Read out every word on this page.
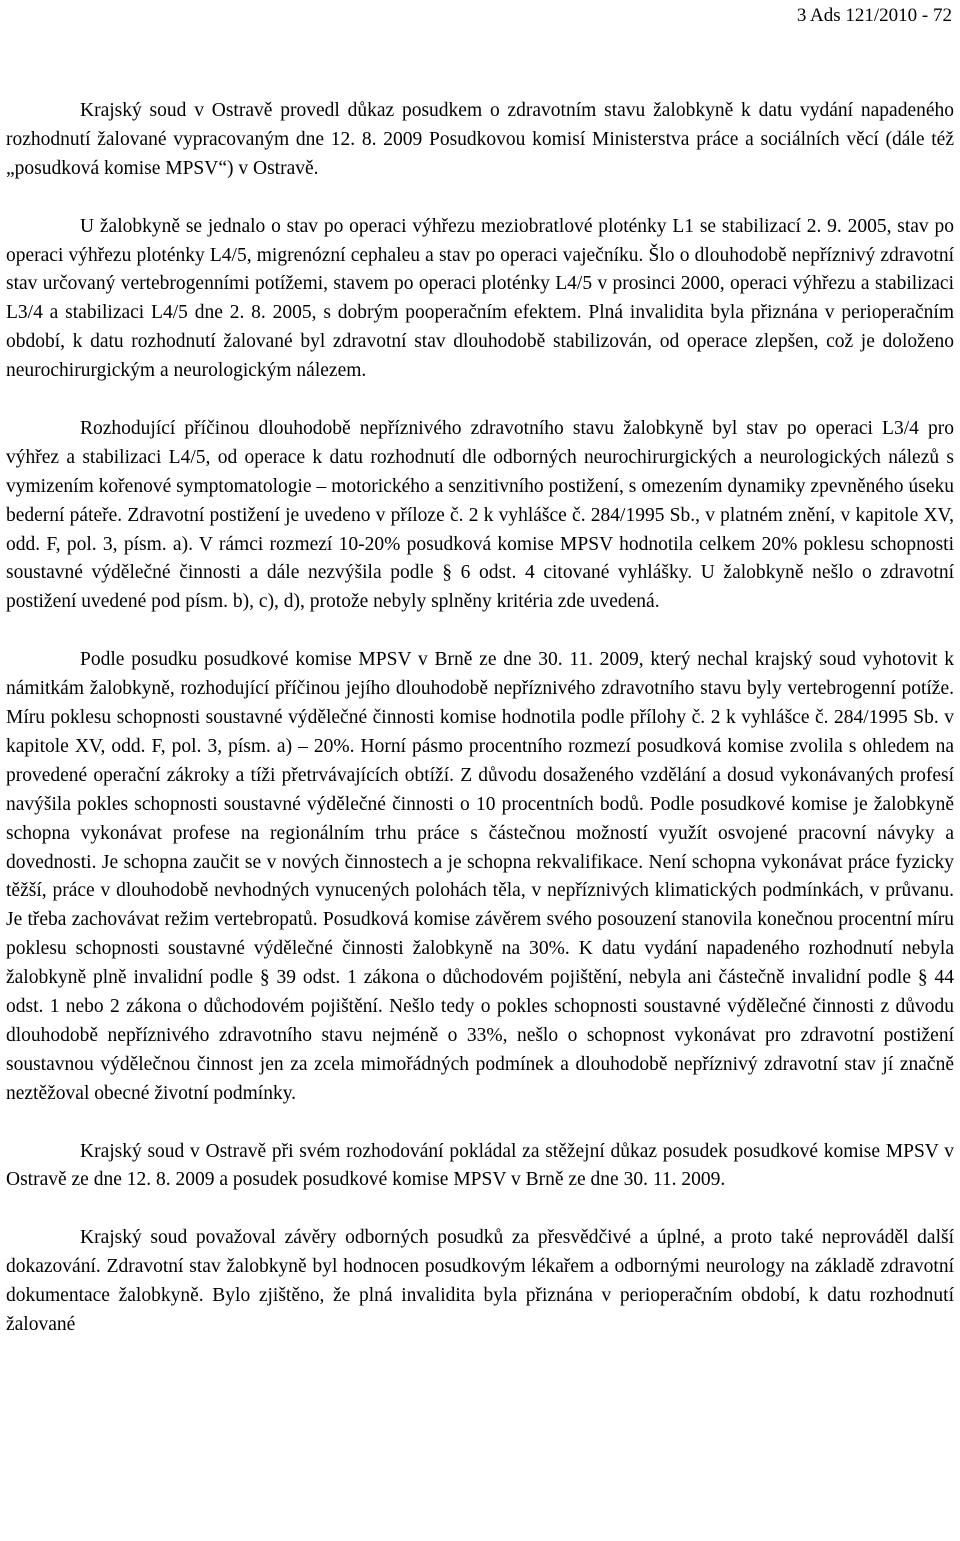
3 Ads 121/2010 - 72

Krajský soud v Ostravě provedl důkaz posudkem o zdravotním stavu žalobkyně k datu vydání napadeného rozhodnutí žalované vypracovaným dne 12. 8. 2009 Posudkovou komisí Ministerstva práce a sociálních věcí (dále též „posudková komise MPSV“) v Ostravě.

U žalobkyně se jednalo o stav po operaci výhřezu meziobratlové ploténky L1 se stabilizací 2. 9. 2005, stav po operaci výhřezu ploténky L4/5, migrenózní cephaleu a stav po operaci vaječníku. Šlo o dlouhodobě nepříznivý zdravotní stav určovaný vertebrogenními potížemi, stavem po operaci ploténky L4/5 v prosinci 2000, operaci výhřezu a stabilizaci L3/4 a stabilizaci L4/5 dne 2. 8. 2005, s dobrým pooperačním efektem. Plná invalidita byla přiznána v perioperačním období, k datu rozhodnutí žalované byl zdravotní stav dlouhodobě stabilizován, od operace zlepšen, což je doloženo neurochirurgickým a neurologickým nálezem.

Rozhodující příčinou dlouhodobě nepříznivého zdravotního stavu žalobkyně byl stav po operaci L3/4 pro výhřez a stabilizaci L4/5, od operace k datu rozhodnutí dle odborných neurochirurgických a neurologických nálezů s vymizením kořenové symptomatologie – motorického a senzitivního postižení, s omezením dynamiky zpevněného úseku bederní páteře. Zdravotní postižení je uvedeno v příloze č. 2 k vyhlášce č. 284/1995 Sb., v platném znění, v kapitole XV, odd. F, pol. 3, písm. a). V rámci rozmezí 10-20% posudková komise MPSV hodnotila celkem 20% poklesu schopnosti soustavné výdělečné činnosti a dále nezvýšila podle § 6 odst. 4 citované vyhlášky. U žalobkyně nešlo o zdravotní postižení uvedené pod písm. b), c), d), protože nebyly splněny kritéria zde uvedená.

Podle posudku posudkové komise MPSV v Brně ze dne 30. 11. 2009, který nechal krajský soud vyhotovit k námitkám žalobkyně, rozhodující příčinou jejího dlouhodobě nepříznivého zdravotního stavu byly vertebrogenní potíže. Míru poklesu schopnosti soustavné výdělečné činnosti komise hodnotila podle přílohy č. 2 k vyhlášce č. 284/1995 Sb. v kapitole XV, odd. F, pol. 3, písm. a) – 20%. Horní pásmo procentního rozmezí posudková komise zvolila s ohledem na provedené operační zákroky a tíži přetrvávajících obtíží. Z důvodu dosaženého vzdělání a dosud vykonávaných profesí navýšila pokles schopnosti soustavné výdělečné činnosti o 10 procentních bodů. Podle posudkové komise je žalobkyně schopna vykonávat profese na regionálním trhu práce s částečnou možností využít osvojené pracovní návyky a dovednosti. Je schopna zaučit se v nových činnostech a je schopna rekvalifikace. Není schopna vykonávat práce fyzicky těžší, práce v dlouhodobě nevhodných vynucených polohách těla, v nepříznivých klimatických podmínkách, v průvanu. Je třeba zachovávat režim vertebropatů. Posudková komise závěrem svého posouzení stanovila konečnou procentní míru poklesu schopnosti soustavné výdělečné činnosti žalobkyně na 30%. K datu vydání napadeného rozhodnutí nebyla žalobkyně plně invalidní podle § 39 odst. 1 zákona o důchodovém pojištění, nebyla ani částečně invalidní podle § 44 odst. 1 nebo 2 zákona o důchodovém pojištění. Nešlo tedy o pokles schopnosti soustavné výdělečné činnosti z důvodu dlouhodobě nepříznivého zdravotního stavu nejméně o 33%, nešlo o schopnost vykonávat pro zdravotní postižení soustavnou výdělečnou činnost jen za zcela mimořádných podmínek a dlouhodobě nepříznivý zdravotní stav jí značně neztěžoval obecné životní podmínky.

Krajský soud v Ostravě při svém rozhodování pokládal za stěžejní důkaz posudek posudkové komise MPSV v Ostravě ze dne 12. 8. 2009 a posudek posudkové komise MPSV v Brně ze dne 30. 11. 2009.

Krajský soud považoval závěry odborných posudků za přesvědčivé a úplné, a proto také neprováděl další dokazování. Zdravotní stav žalobkyně byl hodnocen posudkovým lékařem a odbornými neurology na základě zdravotní dokumentace žalobkyně. Bylo zjištěno, že plná invalidita byla přiznána v perioperačním období, k datu rozhodnutí žalované
